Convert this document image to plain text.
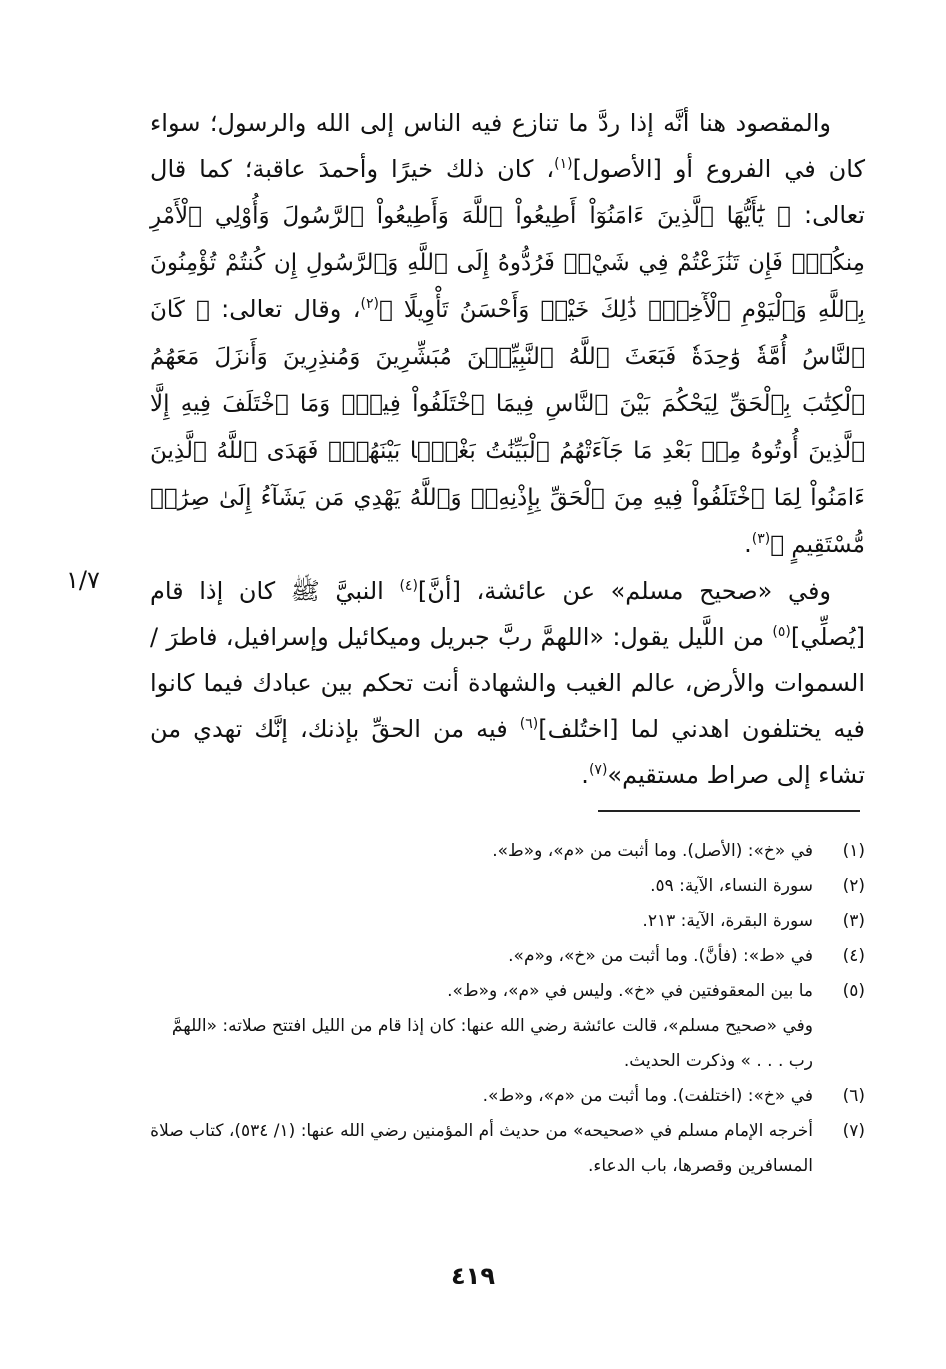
والمقصود هنا أنَّه إذا ردَّ ما تنازع فيه الناس إلى الله والرسول؛ سواء كان في الفروع أو [الأصول]$^{(١)}$، كان ذلك خيرًا وأحمدَ عاقبة؛ كما قال تعالى: ﴿ يَٰٓأَيُّهَا ٱلَّذِينَ ءَامَنُوٓاْ أَطِيعُواْ ٱللَّهَ وَأَطِيعُواْ ٱلرَّسُولَ وَأُوْلِي ٱلْأَمْرِ مِنكُمْۖ فَإِن تَنَٰزَعْتُمْ فِي شَيْءٖ فَرُدُّوهُ إِلَى ٱللَّهِ وَٱلرَّسُولِ إِن كُنتُمْ تُؤْمِنُونَ بِٱللَّهِ وَٱلْيَوْمِ ٱلْأٓخِرِۚ ذَٰلِكَ خَيْرٞ وَأَحْسَنُ تَأْوِيلًا ﴾$^{(٢)}$، وقال تعالى: ﴿ كَانَ ٱلنَّاسُ أُمَّةٗ وَٰحِدَةٗ فَبَعَثَ ٱللَّهُ ٱلنَّبِيِّـۧنَ مُبَشِّرِينَ وَمُنذِرِينَ وَأَنزَلَ مَعَهُمُ ٱلْكِتَٰبَ بِٱلْحَقِّ لِيَحْكُمَ بَيْنَ ٱلنَّاسِ فِيمَا ٱخْتَلَفُواْ فِيهِۚ وَمَا ٱخْتَلَفَ فِيهِ إِلَّا ٱلَّذِينَ أُوتُوهُ مِنۢ بَعْدِ مَا جَآءَتْهُمُ ٱلْبَيِّنَٰتُ بَغْيَۢا بَيْنَهُمْۖ فَهَدَى ٱللَّهُ ٱلَّذِينَ ءَامَنُواْ لِمَا ٱخْتَلَفُواْ فِيهِ مِنَ ٱلْحَقِّ بِإِذْنِهِۦۗ وَٱللَّهُ يَهْدِي مَن يَشَآءُ إِلَىٰ صِرَٰطٖ مُّسْتَقِيمٍ ﴾$^{(٣)}$.

وفي «صحيح مسلم» عن عائشة، [أنَّ]$^{(٤)}$ النبيَّ ﷺ كان إذا قام [يُصلِّي]$^{(٥)}$ من اللَّيل يقول: «اللهمَّ ربَّ جبريل وميكائيل وإسرافيل، فاطرَ / السموات والأرض، عالم الغيب والشهادة أنت تحكم بين عبادك فيما كانوا فيه يختلفون اهدني لما [اختُلف]$^{(٦)}$ فيه من الحقِّ بإذنك، إنَّك تهدي من تشاء إلى صراط مستقيم»$^{(٧)}$.

١/٧
(١)
في «خ»: (الأصل). وما أثبت من «م»، و«ط».
(٢)
سورة النساء، الآية: ٥٩.
(٣)
سورة البقرة، الآية: ٢١٣.
(٤)
في «ط»: (فأنَّ). وما أثبت من «خ»، و«م».
(٥)
ما بين المعقوفتين في «خ». وليس في «م»، و«ط».
وفي «صحيح مسلم»، قالت عائشة رضي الله عنها: كان إذا قام من الليل افتتح صلاته: «اللهمَّ رب . . . » وذكرت الحديث.
(٦)
في «خ»: (اختلفت). وما أثبت من «م»، و«ط».
(٧)
أخرجه الإمام مسلم في «صحيحه» من حديث أم المؤمنين رضي الله عنها: (١/ ٥٣٤)، كتاب صلاة المسافرين وقصرها، باب الدعاء.
٤١٩
